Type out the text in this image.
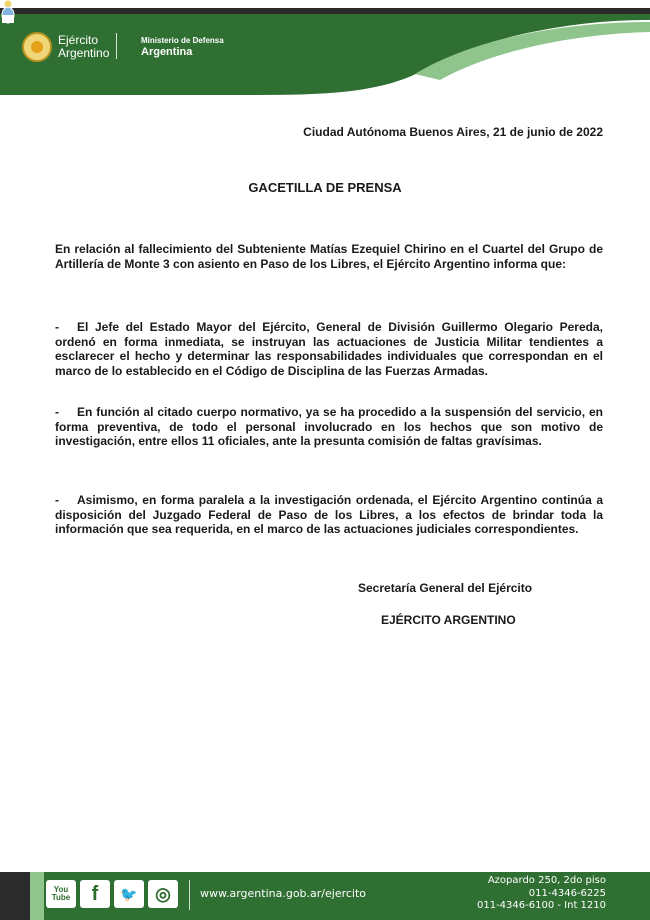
Ejército
Argentino
Ministerio de Defensa
Argentina
Ciudad Autónoma Buenos Aires, 21 de junio de 2022
GACETILLA DE PRENSA

En relación al fallecimiento del Subteniente Matías Ezequiel Chirino en el Cuartel del Grupo de Artillería de Monte 3 con asiento en Paso de los Libres, el Ejército Argentino informa que:

- El Jefe del Estado Mayor del Ejército, General de División Guillermo Olegario Pereda, ordenó en forma inmediata, se instruyan las actuaciones de Justicia Militar tendientes a esclarecer el hecho y determinar las responsabilidades individuales que correspondan en el marco de lo establecido en el Código de Disciplina de las Fuerzas Armadas.

- En función al citado cuerpo normativo, ya se ha procedido a la suspensión del servicio, en forma preventiva, de todo el personal involucrado en los hechos que son motivo de investigación, entre ellos 11 oficiales, ante la presunta comisión de faltas gravísimas.

- Asimismo, en forma paralela a la investigación ordenada, el Ejército Argentino continúa a disposición del Juzgado Federal de Paso de los Libres, a los efectos de brindar toda la información que sea requerida, en el marco de las actuaciones judiciales correspondientes.

Secretaría General del Ejército
EJÉRCITO ARGENTINO
You Tube f 🐦 ◎	www.argentina.gob.ar/ejercito
Azopardo 250, 2do piso
011-4346-6225
011-4346-6100 - Int 1210
